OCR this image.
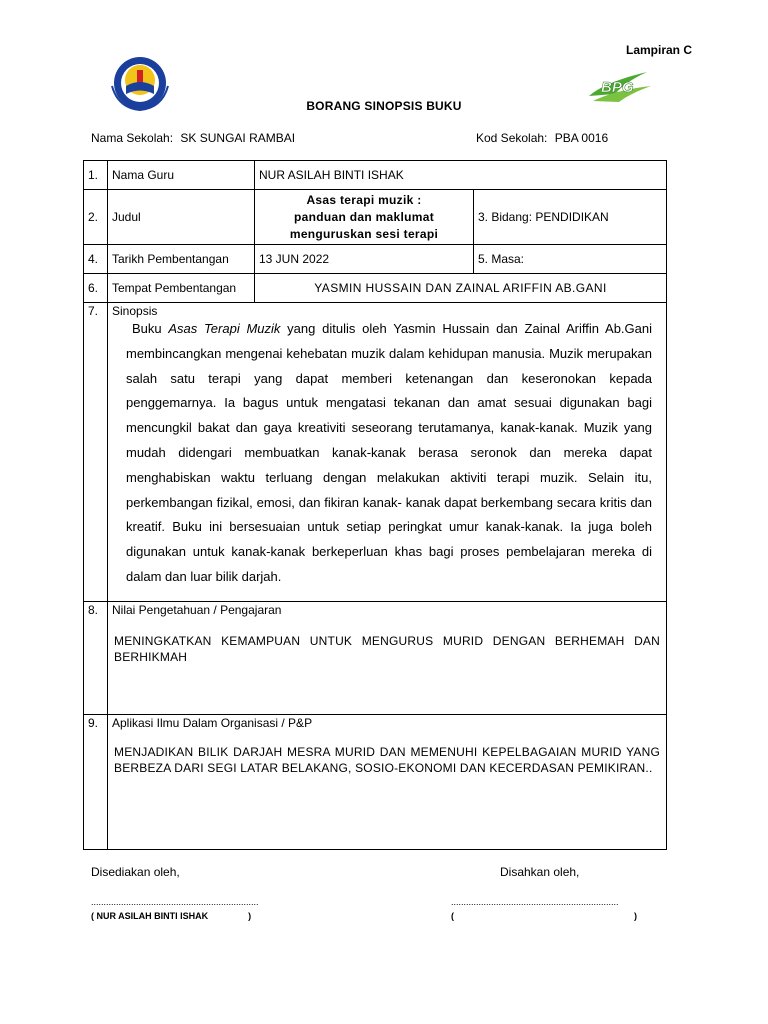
Lampiran C
BPG
BORANG SINOPSIS BUKU
Nama Sekolah: SK SUNGAI RAMBAI	Kod Sekolah: PBA 0016
1.	Nama Guru	NUR ASILAH BINTI ISHAK	
2.	Judul	Asas terapi muzik :
panduan dan maklumat
menguruskan sesi terapi	3. Bidang: PENDIDIKAN
4.	Tarikh Pembentangan	13 JUN 2022	5. Masa:
6.	Tempat Pembentangan	YASMIN HUSSAIN DAN ZAINAL ARIFFIN AB.GANI	
7.	Sinopsis
Buku Asas Terapi Muzik yang ditulis oleh Yasmin Hussain dan Zainal Ariffin Ab.Gani membincangkan mengenai kehebatan muzik dalam kehidupan manusia. Muzik merupakan salah satu terapi yang dapat memberi ketenangan dan keseronokan kepada penggemarnya. Ia bagus untuk mengatasi tekanan dan amat sesuai digunakan bagi mencungkil bakat dan gaya kreativiti seseorang terutamanya, kanak-kanak. Muzik yang mudah didengari membuatkan kanak-kanak berasa seronok dan mereka dapat menghabiskan waktu terluang dengan melakukan aktiviti terapi muzik. Selain itu, perkembangan fizikal, emosi, dan fikiran kanak- kanak dapat berkembang secara kritis dan kreatif. Buku ini bersesuaian untuk setiap peringkat umur kanak-kanak. Ia juga boleh digunakan untuk kanak-kanak berkeperluan khas bagi proses pembelajaran mereka di dalam dan luar bilik darjah.		

8.	Nilai Pengetahuan / Pengajaran
MENINGKATKAN KEMAMPUAN UNTUK MENGURUS MURID DENGAN BERHEMAH DAN BERHIKMAH		

9.	Aplikasi Ilmu Dalam Organisasi / P&P
MENJADIKAN BILIK DARJAH MESRA MURID DAN MEMENUHI KEPELBAGAIAN MURID YANG BERBEZA DARI SEGI LATAR BELAKANG, SOSIO-EKONOMI DAN KECERDASAN PEMIKIRAN..		
Disediakan oleh,	Disahkan oleh,
...................................................................	...................................................................
( NUR ASILAH BINTI ISHAK                )	(                                                                        )
